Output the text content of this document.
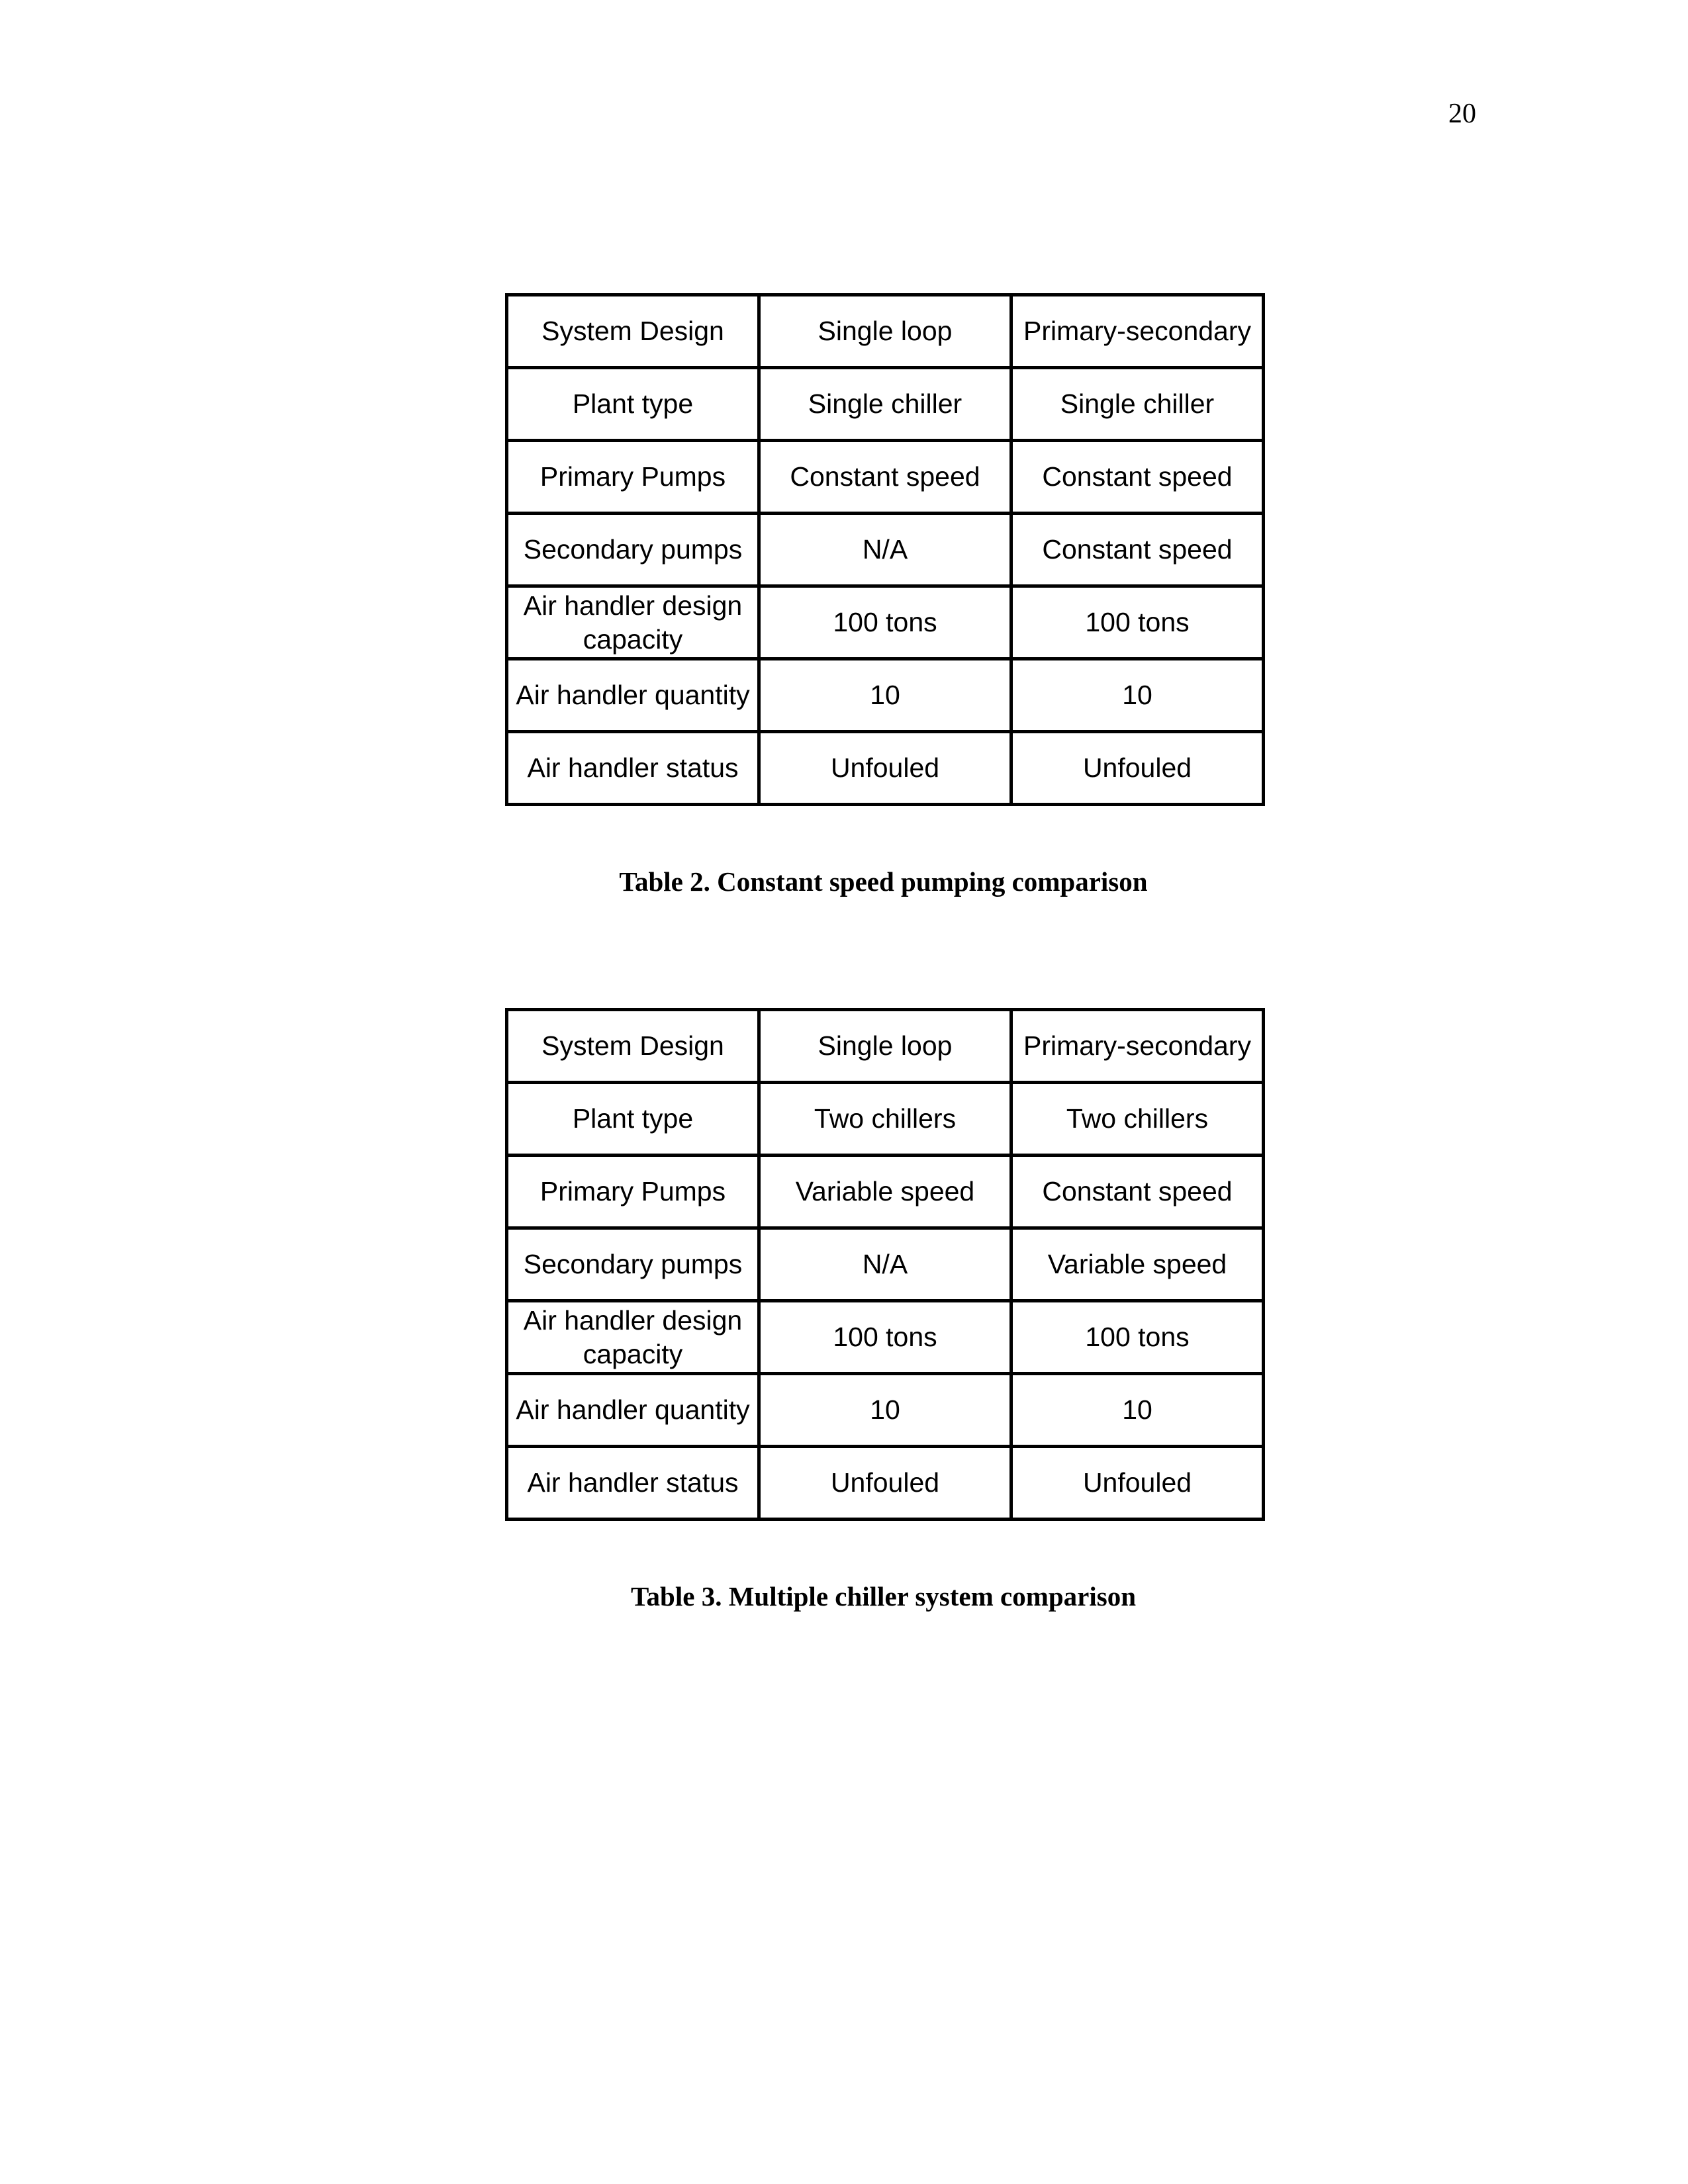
20
System Design	Single loop	Primary-secondary
Plant type	Single chiller	Single chiller
Primary Pumps	Constant speed	Constant speed
Secondary pumps	N/A	Constant speed
Air handler design capacity	100 tons	100 tons
Air handler quantity	10	10
Air handler status	Unfouled	Unfouled
Table 2. Constant speed pumping comparison
System Design	Single loop	Primary-secondary
Plant type	Two chillers	Two chillers
Primary Pumps	Variable speed	Constant speed
Secondary pumps	N/A	Variable speed
Air handler design capacity	100 tons	100 tons
Air handler quantity	10	10
Air handler status	Unfouled	Unfouled
Table 3. Multiple chiller system comparison
